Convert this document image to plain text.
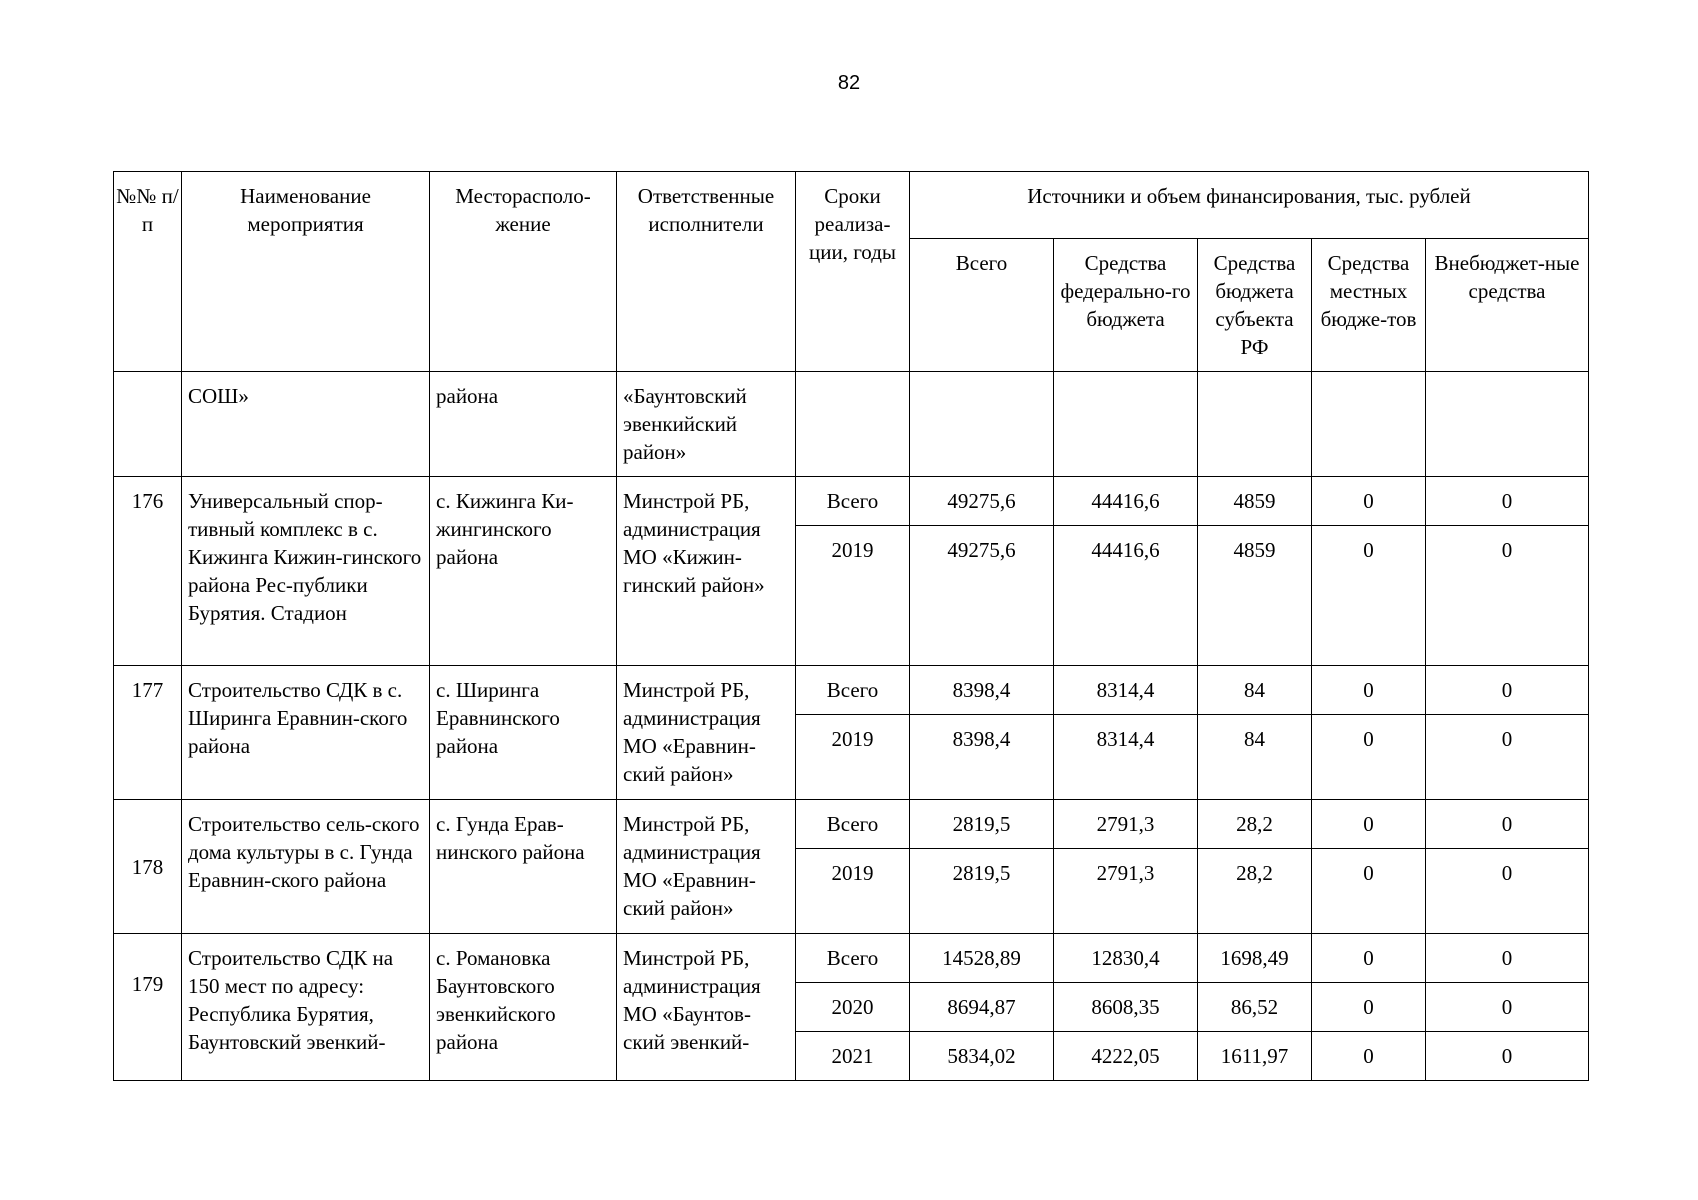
82
№№ п/п	Наименование мероприятия	Месторасполо-жение	Ответственные исполнители	Сроки реализа-ции, годы	Источники и объем финансирования, тыс. рублей				
					Всего	Средства федерально-го бюджета	Средства бюджета субъекта РФ	Средства местных бюдже-тов	Внебюджет-ные средства
	СОШ»	района	«Баунтовский эвенкийский район»						
176	Универсальный спор-тивный комплекс в с. Кижинга Кижин-гинского района Рес-публики Бурятия. Стадион	с. Кижинга Ки-жингинского района	Минстрой РБ, администрация МО «Кижин-гинский район»	Всего	49275,6	44416,6	4859	0	0
				2019	49275,6	44416,6	4859	0	0
177	Строительство СДК в с. Ширинга Еравнин-ского района	с. Ширинга Еравнинского района	Минстрой РБ, администрация МО «Еравнин-ский район»	Всего	8398,4	8314,4	84	0	0
				2019	8398,4	8314,4	84	0	0
178	Строительство сель-ского дома культуры в с. Гунда Еравнин-ского района	с. Гунда Ерав-нинского района	Минстрой РБ, администрация МО «Еравнин-ский район»	Всего	2819,5	2791,3	28,2	0	0
				2019	2819,5	2791,3	28,2	0	0
179	Строительство СДК на 150 мест по адресу: Республика Бурятия, Баунтовский эвенкий-	с. Романовка Баунтовского эвенкийского района	Минстрой РБ, администрация МО «Баунтов-ский эвенкий-	Всего	14528,89	12830,4	1698,49	0	0
				2020	8694,87	8608,35	86,52	0	0
				2021	5834,02	4222,05	1611,97	0	0
